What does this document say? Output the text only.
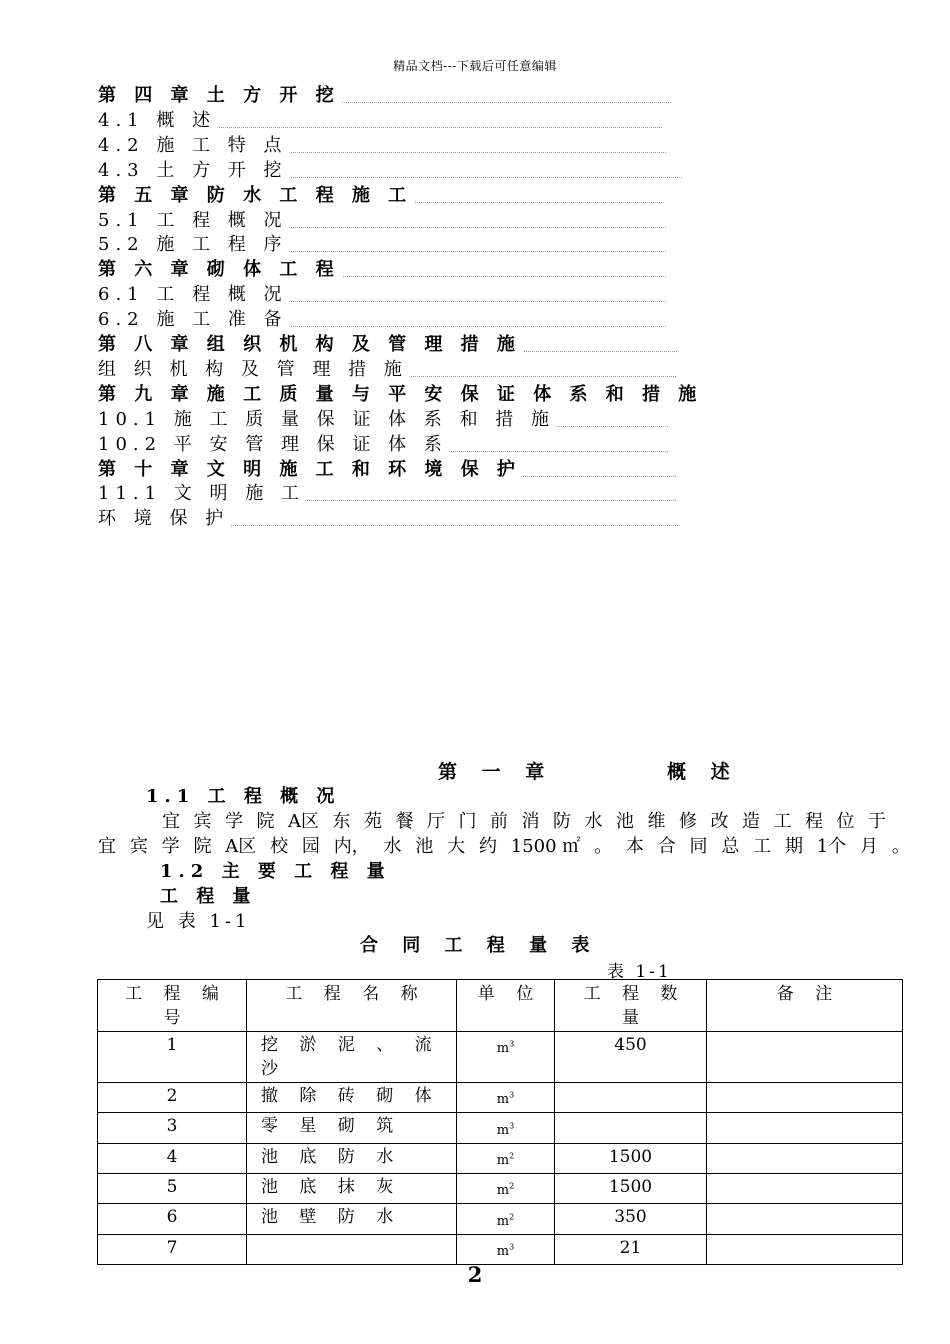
精品文档---下载后可任意编辑
第 四 章 土 方 开 挖
4.1 概 述
4.2 施 工 特 点
4.3 土 方 开 挖
第 五 章 防 水 工 程 施 工
5.1 工 程 概 况
5.2 施 工 程 序
第 六 章 砌 体 工 程
6.1 工 程 概 况
6.2 施 工 准 备
第 八 章 组 织 机 构 及 管 理 措 施
组 织 机 构 及 管 理 措 施
第 九 章 施 工 质 量 与 平 安 保 证 体 系 和 措 施
10.1 施 工 质 量 保 证 体 系 和 措 施
10.2 平 安 管 理 保 证 体 系
第 十 章 文 明 施 工 和 环 境 保 护
11.1 文 明 施 工
环 境 保 护
第 一 章	概 述
1.1 工 程 概 况
宜 宾 学 院 A区 东 苑 餐 厅 门 前 消 防 水 池 维 修 改 造 工 程 位 于
宜 宾 学 院 A区 校 园 内， 水 池 大 约 1500 ㎡ 。 本 合 同 总 工 期 1个 月 。
1.2 主 要 工 程 量
工 程 量
见 表 1-1
合 同 工 程 量 表
表 1-1
工 程 编 号	工 程 名 称	单 位	工 程 数 量	备 注
1	挖 淤 泥 、 流 沙	$m^3$	450	
2	撤 除 砖 砌 体	$m^3$		
3	零 星 砌 筑	$m^3$		
4	池 底 防 水	$m^2$	1500	
5	池 底 抹 灰	$m^2$	1500	
6	池 壁 防 水	$m^2$	350	
7		$m^3$	21	
2
